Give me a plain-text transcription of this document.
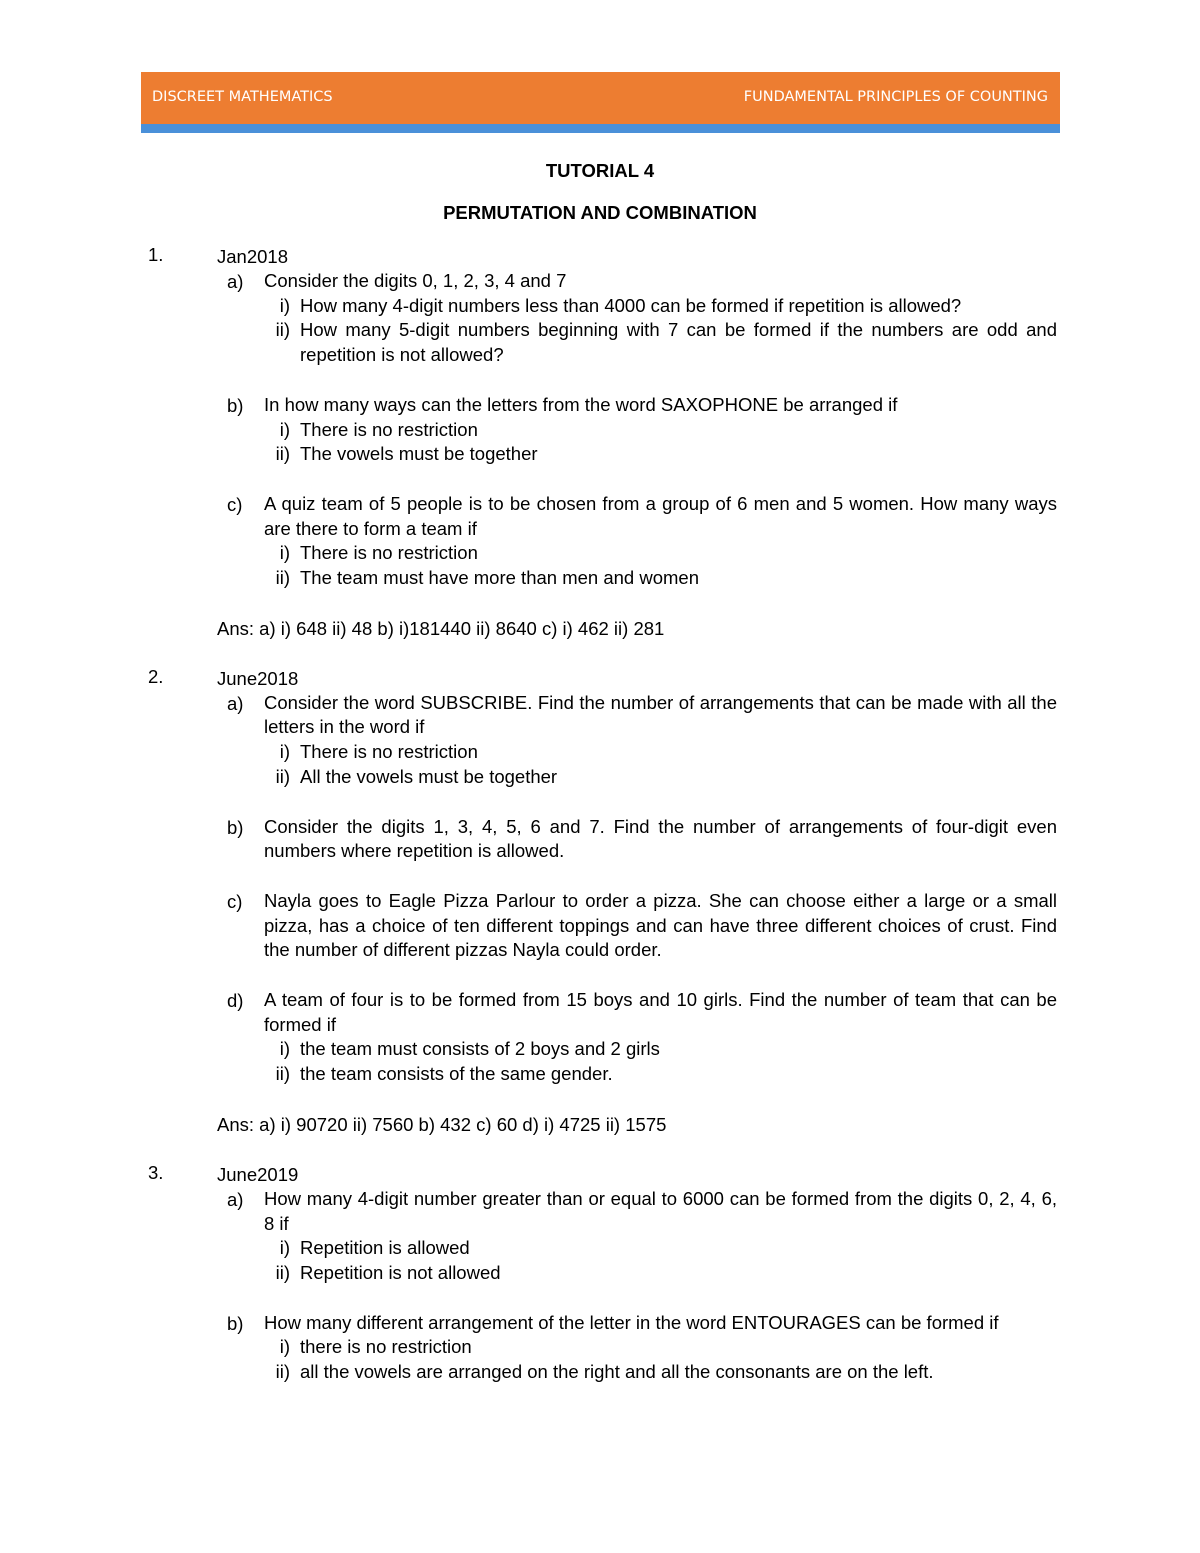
DISCREET MATHEMATICS	FUNDAMENTAL PRINCIPLES OF COUNTING
TUTORIAL 4
PERMUTATION AND COMBINATION
1.	Jan2018
a) Consider the digits 0, 1, 2, 3, 4 and 7
i) How many 4-digit numbers less than 4000 can be formed if repetition is allowed?
ii) How many 5-digit numbers beginning with 7 can be formed if the numbers are odd and repetition is not allowed?
b) In how many ways can the letters from the word SAXOPHONE be arranged if
i) There is no restriction
ii) The vowels must be together
c) A quiz team of 5 people is to be chosen from a group of 6 men and 5 women. How many ways are there to form a team if
i) There is no restriction
ii) The team must have more than men and women
Ans: a) i) 648 ii) 48 b) i)181440 ii) 8640 c) i) 462 ii) 281
2.	June2018
a) Consider the word SUBSCRIBE. Find the number of arrangements that can be made with all the letters in the word if
i) There is no restriction
ii) All the vowels must be together
b) Consider the digits 1, 3, 4, 5, 6 and 7. Find the number of arrangements of four-digit even numbers where repetition is allowed.
c) Nayla goes to Eagle Pizza Parlour to order a pizza. She can choose either a large or a small pizza, has a choice of ten different toppings and can have three different choices of crust. Find the number of different pizzas Nayla could order.
d) A team of four is to be formed from 15 boys and 10 girls. Find the number of team that can be formed if
i) the team must consists of 2 boys and 2 girls
ii) the team consists of the same gender.
Ans: a) i) 90720 ii) 7560 b) 432 c) 60 d) i) 4725 ii) 1575
3.	June2019
a) How many 4-digit number greater than or equal to 6000 can be formed from the digits 0, 2, 4, 6, 8 if
i) Repetition is allowed
ii) Repetition is not allowed
b) How many different arrangement of the letter in the word ENTOURAGES can be formed if
i) there is no restriction
ii) all the vowels are arranged on the right and all the consonants are on the left.
